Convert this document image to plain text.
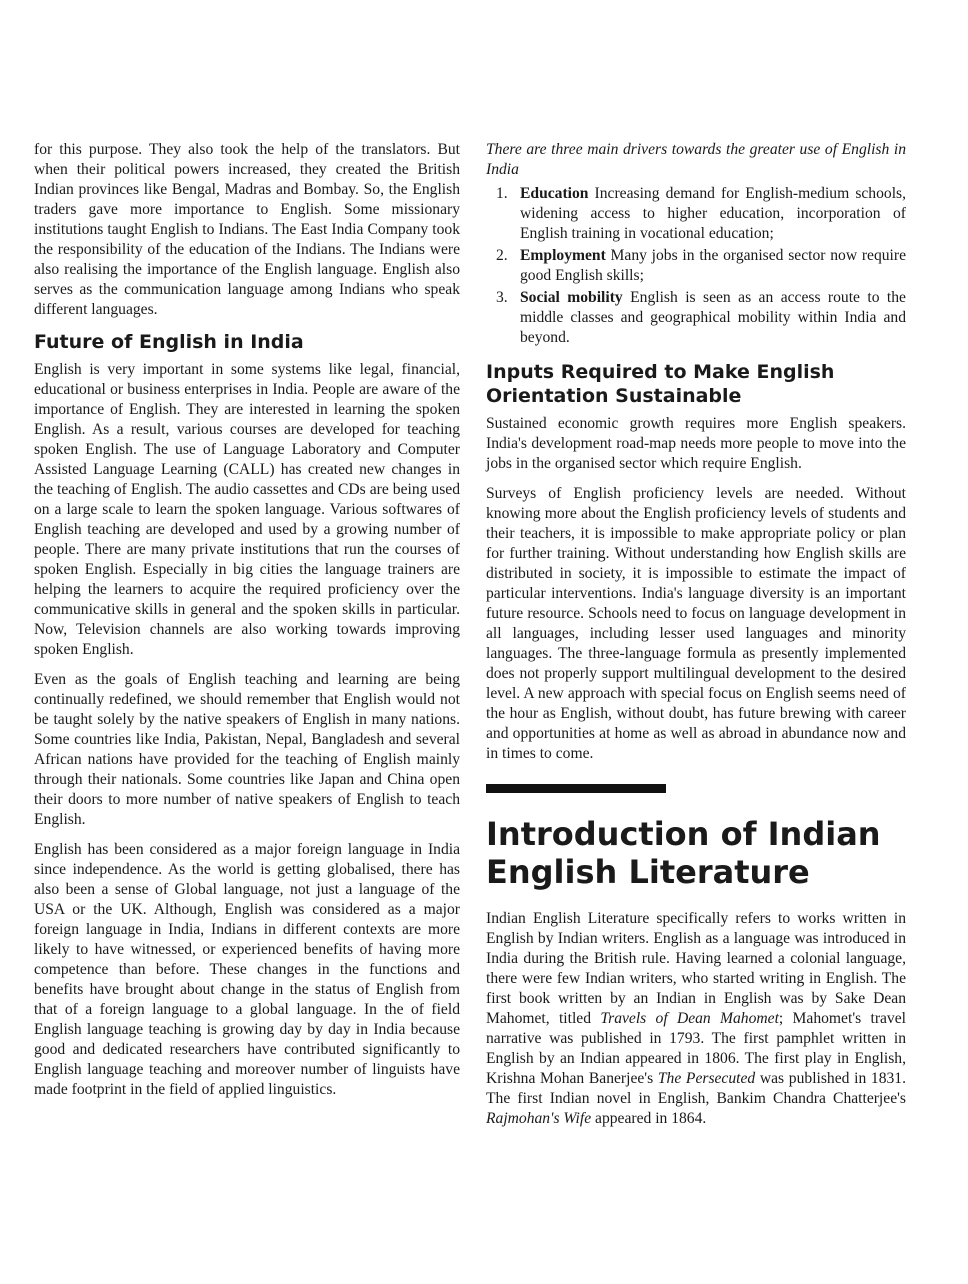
for this purpose. They also took the help of the translators. But when their political powers increased, they created the British Indian provinces like Bengal, Madras and Bombay. So, the English traders gave more importance to English. Some missionary institutions taught English to Indians. The East India Company took the responsibility of the education of the Indians. The Indians were also realising the importance of the English language. English also serves as the communication language among Indians who speak different languages.

Future of English in India

English is very important in some systems like legal, financial, educational or business enterprises in India. People are aware of the importance of English. They are interested in learning the spoken English. As a result, various courses are developed for teaching spoken English. The use of Language Laboratory and Computer Assisted Language Learning (CALL) has created new changes in the teaching of English. The audio cassettes and CDs are being used on a large scale to learn the spoken language. Various softwares of English teaching are developed and used by a growing number of people. There are many private institutions that run the courses of spoken English. Especially in big cities the language trainers are helping the learners to acquire the required proficiency over the communicative skills in general and the spoken skills in particular. Now, Television channels are also working towards improving spoken English.

Even as the goals of English teaching and learning are being continually redefined, we should remember that English would not be taught solely by the native speakers of English in many nations. Some countries like India, Pakistan, Nepal, Bangladesh and several African nations have provided for the teaching of English mainly through their nationals. Some countries like Japan and China open their doors to more number of native speakers of English to teach English.

English has been considered as a major foreign language in India since independence. As the world is getting globalised, there has also been a sense of Global language, not just a language of the USA or the UK. Although, English was considered as a major foreign language in India, Indians in different contexts are more likely to have witnessed, or experienced benefits of having more competence than before. These changes in the functions and benefits have brought about change in the status of English from that of a foreign language to a global language. In the of field English language teaching is growing day by day in India because good and dedicated researchers have contributed significantly to English language teaching and moreover number of linguists have made footprint in the field of applied linguistics.

There are three main drivers towards the greater use of English in India

1. Education Increasing demand for English-medium schools, widening access to higher education, incorporation of English training in vocational education;
2. Employment Many jobs in the organised sector now require good English skills;
3. Social mobility English is seen as an access route to the middle classes and geographical mobility within India and beyond.
Inputs Required to Make English Orientation Sustainable

Sustained economic growth requires more English speakers. India's development road-map needs more people to move into the jobs in the organised sector which require English.

Surveys of English proficiency levels are needed. Without knowing more about the English proficiency levels of students and their teachers, it is impossible to make appropriate policy or plan for further training. Without understanding how English skills are distributed in society, it is impossible to estimate the impact of particular interventions. India's language diversity is an important future resource. Schools need to focus on language development in all languages, including lesser used languages and minority languages. The three-language formula as presently implemented does not properly support multilingual development to the desired level. A new approach with special focus on English seems need of the hour as English, without doubt, has future brewing with career and opportunities at home as well as abroad in abundance now and in times to come.

Introduction of Indian English Literature

Indian English Literature specifically refers to works written in English by Indian writers. English as a language was introduced in India during the British rule. Having learned a colonial language, there were few Indian writers, who started writing in English. The first book written by an Indian in English was by Sake Dean Mahomet, titled Travels of Dean Mahomet; Mahomet's travel narrative was published in 1793. The first pamphlet written in English by an Indian appeared in 1806. The first play in English, Krishna Mohan Banerjee's The Persecuted was published in 1831. The first Indian novel in English, Bankim Chandra Chatterjee's Rajmohan's Wife appeared in 1864.
